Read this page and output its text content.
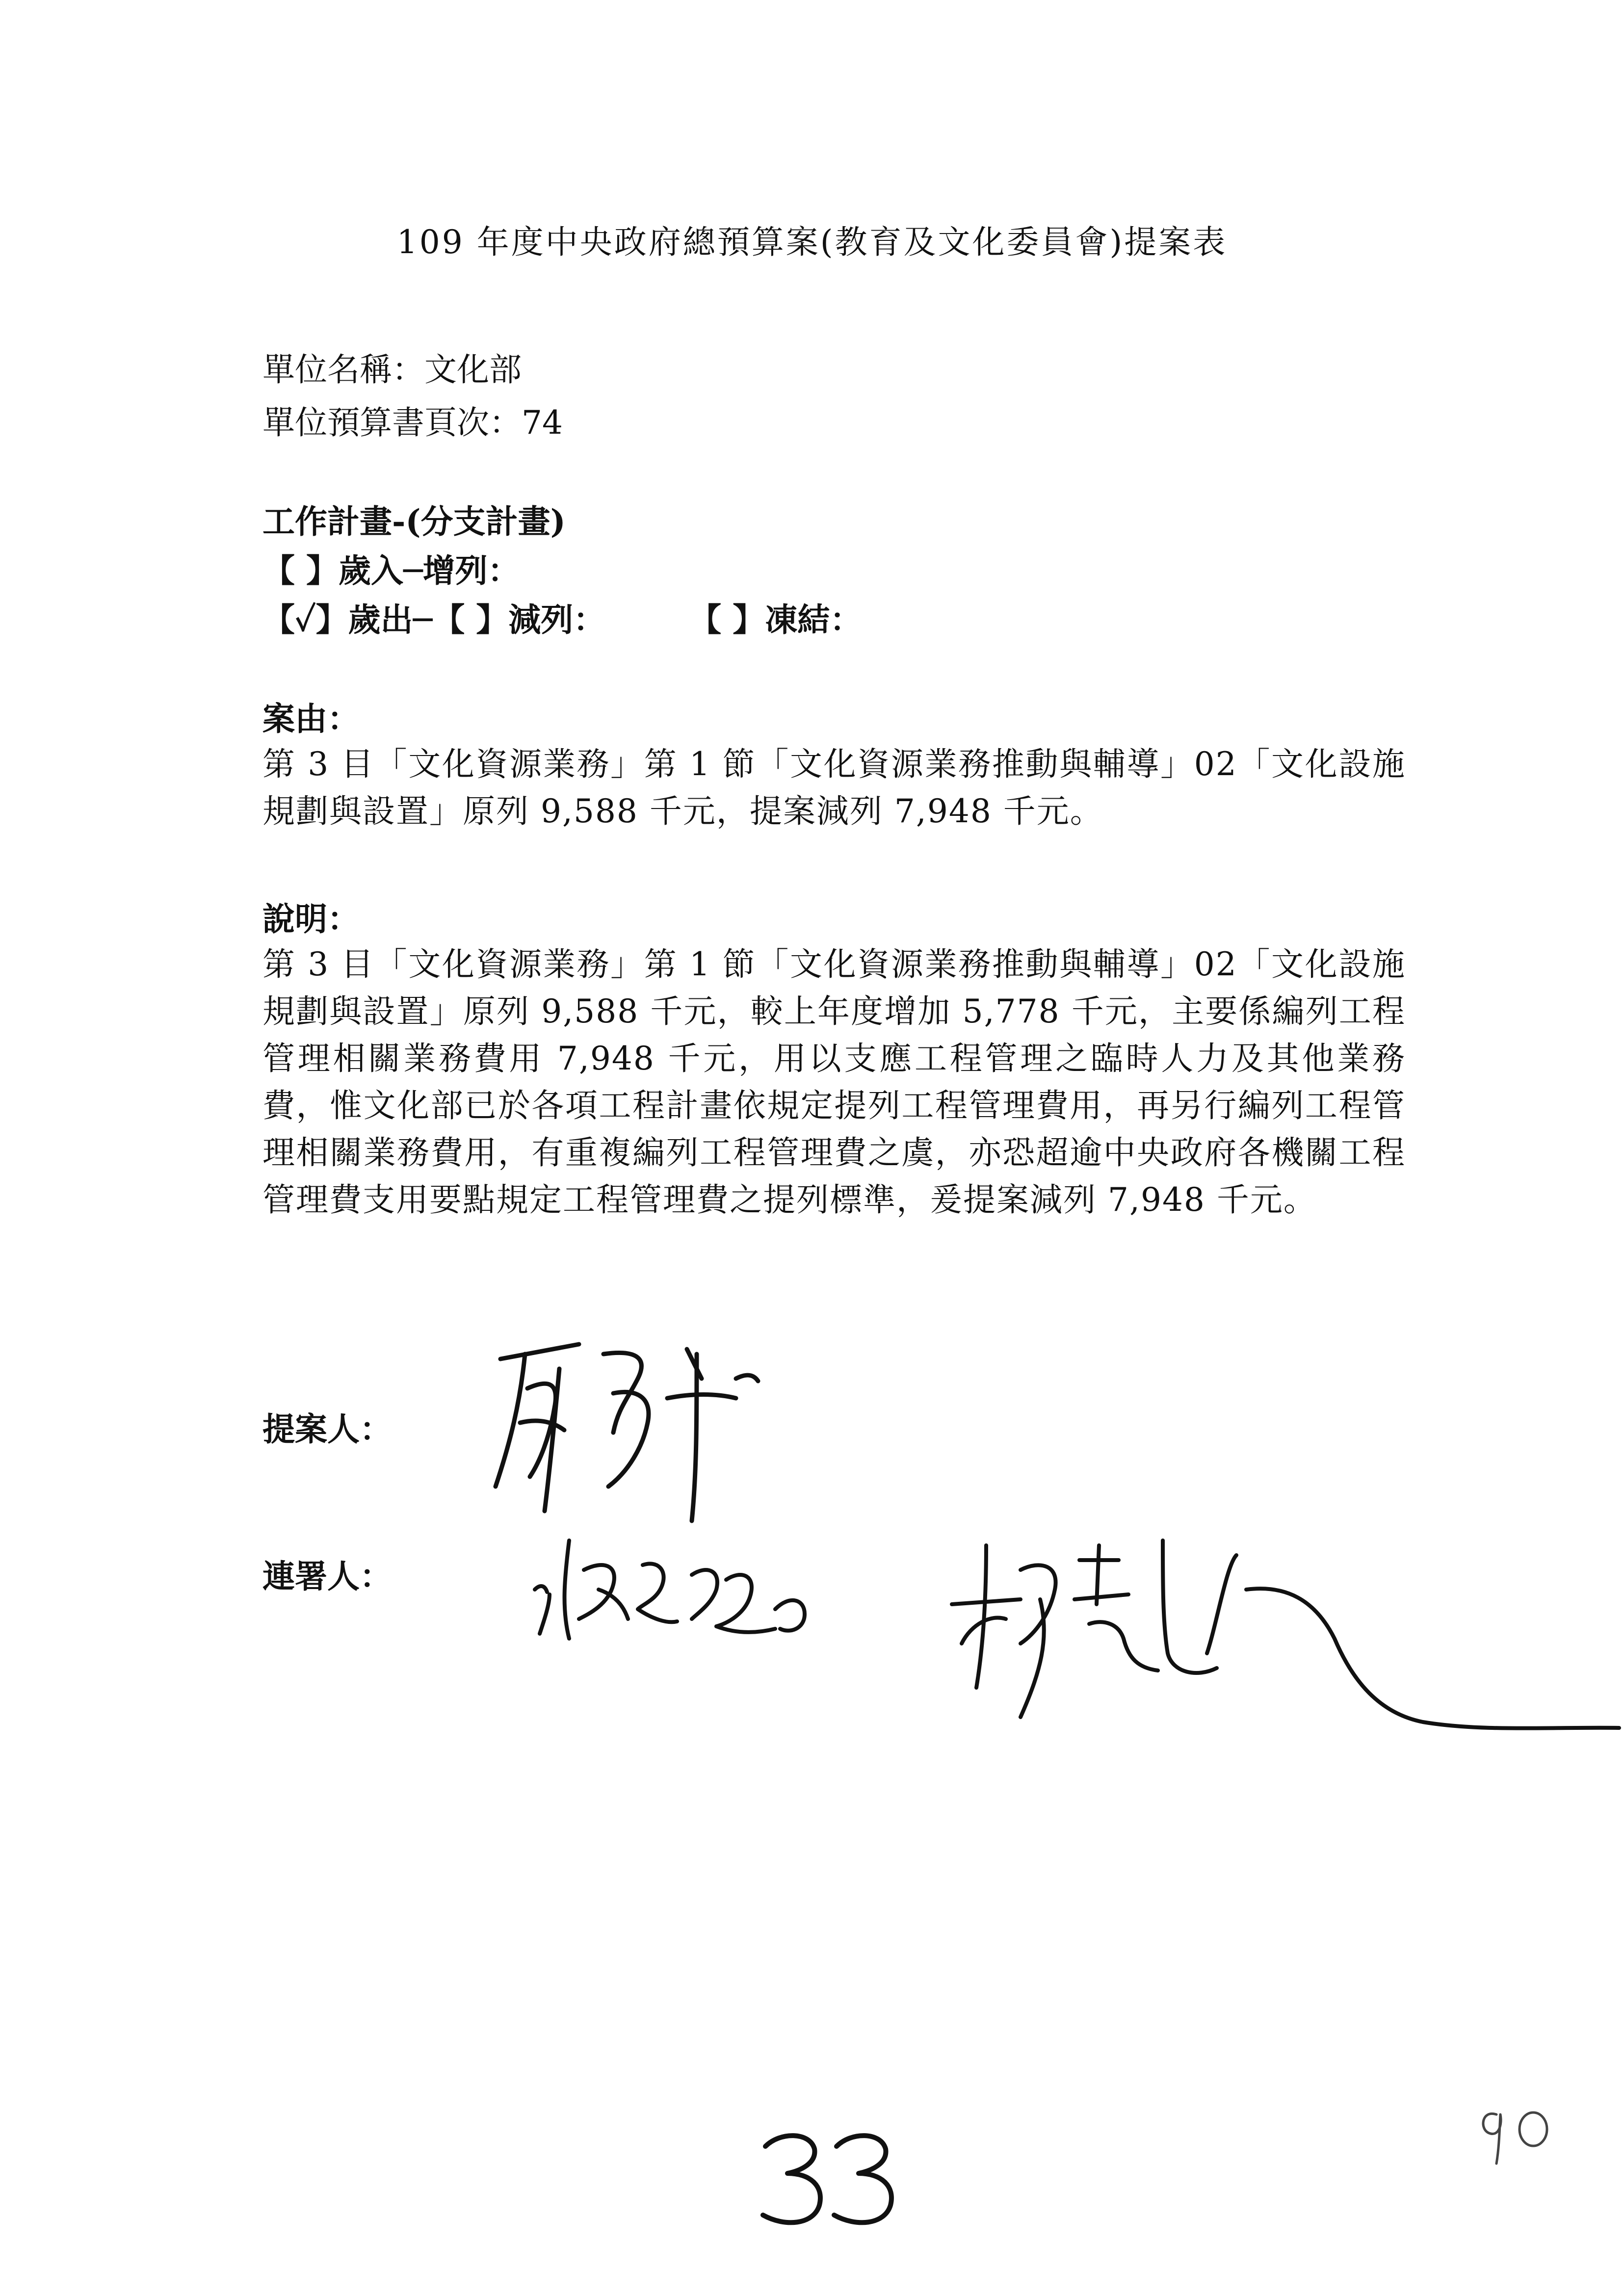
109 年度中央政府總預算案(教育及文化委員會)提案表
單位名稱：文化部
單位預算書頁次：74
工作計畫-(分支計畫)
【 】歲入─增列：
【✓】歲出─【 】減列：	【 】凍結：
案由：
第 3 目「文化資源業務」第 1 節「文化資源業務推動與輔導」02「文化設施規劃與設置」原列 9,588 千元，提案減列 7,948 千元。
說明：
第 3 目「文化資源業務」第 1 節「文化資源業務推動與輔導」02「文化設施規劃與設置」原列 9,588 千元，較上年度增加 5,778 千元，主要係編列工程管理相關業務費用 7,948 千元，用以支應工程管理之臨時人力及其他業務費，惟文化部已於各項工程計畫依規定提列工程管理費用，再另行編列工程管理相關業務費用，有重複編列工程管理費之虞，亦恐超逾中央政府各機關工程管理費支用要點規定工程管理費之提列標準，爰提案減列 7,948 千元。
提案人：
連署人：
